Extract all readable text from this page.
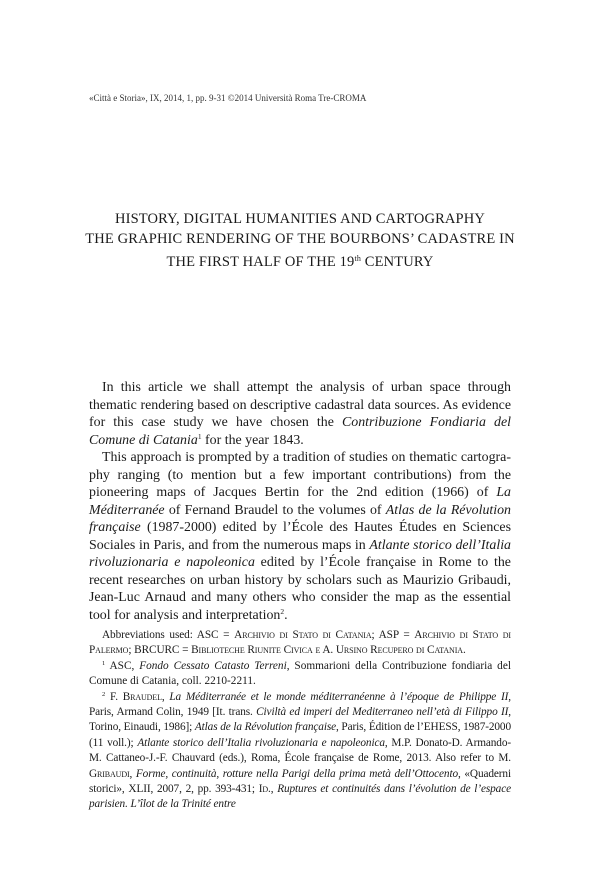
«Città e Storia», IX, 2014, 1, pp. 9-31 ©2014 Università Roma Tre-CROMA
HISTORY, DIGITAL HUMANITIES AND CARTOGRAPHY
THE GRAPHIC RENDERING OF THE BOURBONS’ CADASTRE IN
THE FIRST HALF OF THE 19th CENTURY

In this article we shall attempt the analysis of urban space through thematic rendering based on descriptive cadastral data sources. As evidence for this case study we have chosen the Contribuzione Fondiaria del Comune di Catania$^1$ for the year 1843.

This approach is prompted by a tradition of studies on thematic cartography ranging (to mention but a few important contributions) from the pioneering maps of Jacques Bertin for the 2nd edition (1966) of La Méditerranée of Fernand Braudel to the volumes of Atlas de la Révolution française (1987-2000) edited by l’École des Hautes Études en Sciences Sociales in Paris, and from the numerous maps in Atlante storico dell’Italia rivoluzionaria e napoleonica edited by l’École française in Rome to the recent researches on urban history by scholars such as Maurizio Gribaudi, Jean-Luc Arnaud and many others who consider the map as the essential tool for analysis and interpretation$^2$.

Abbreviations used: ASC = Archivio di Stato di Catania; ASP = Archivio di Stato di Palermo; BRCURC = Biblioteche Riunite Civica e A. Ursino Recupero di Catania.

$^1$ ASC, Fondo Cessato Catasto Terreni, Sommarioni della Contribuzione fondiaria del Comune di Catania, coll. 2210-2211.

$^2$ F. Braudel, La Méditerranée et le monde méditerranéenne à l’époque de Philippe II, Paris, Armand Colin, 1949 [It. trans. Civiltà ed imperi del Mediterraneo nell’età di Filippo II, Torino, Einaudi, 1986]; Atlas de la Révolution française, Paris, Édition de l’EHESS, 1987-2000 (11 voll.); Atlante storico dell’Italia rivoluzionaria e napoleonica, M.P. Donato-D. Armando-M. Cattaneo-J.-F. Chauvard (eds.), Roma, École française de Rome, 2013. Also refer to M. Gribaudi, Forme, continuità, rotture nella Parigi della prima metà dell’Ottocento, «Quaderni storici», XLII, 2007, 2, pp. 393-431; Id., Ruptures et continuités dans l’évolution de l’espace parisien. L’îlot de la Trinité entre
